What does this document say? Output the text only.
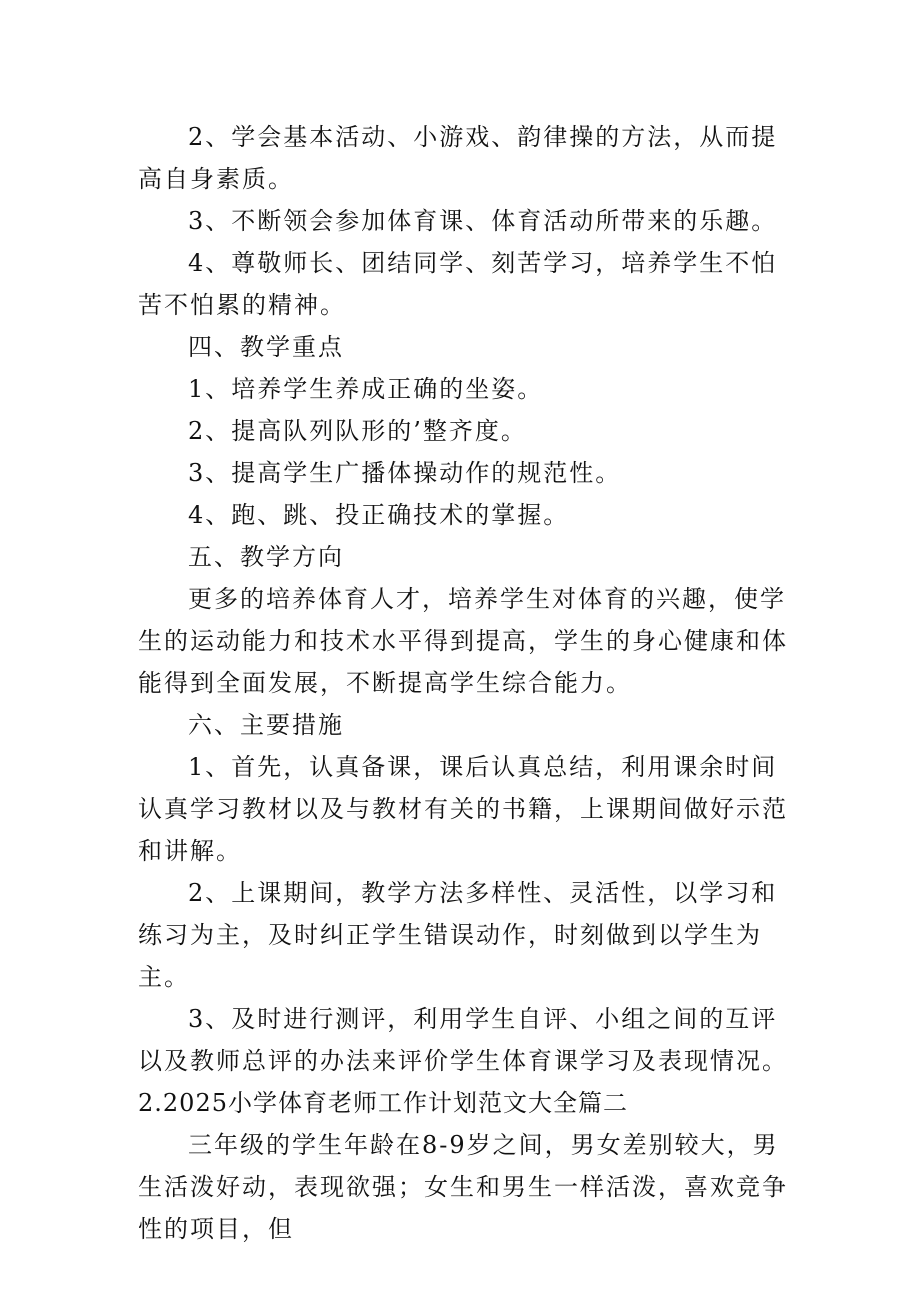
2、学会基本活动、小游戏、韵律操的方法，从而提高自身素质。

3、不断领会参加体育课、体育活动所带来的乐趣。

4、尊敬师长、团结同学、刻苦学习，培养学生不怕苦不怕累的精神。

四、教学重点

1、培养学生养成正确的坐姿。

2、提高队列队形的’整齐度。

3、提高学生广播体操动作的规范性。

4、跑、跳、投正确技术的掌握。

五、教学方向

更多的培养体育人才，培养学生对体育的兴趣，使学生的运动能力和技术水平得到提高，学生的身心健康和体能得到全面发展，不断提高学生综合能力。

六、主要措施

1、首先，认真备课，课后认真总结，利用课余时间认真学习教材以及与教材有关的书籍，上课期间做好示范和讲解。

2、上课期间，教学方法多样性、灵活性，以学习和练习为主，及时纠正学生错误动作，时刻做到以学生为主。

3、及时进行测评，利用学生自评、小组之间的互评以及教师总评的办法来评价学生体育课学习及表现情况。

2.2025小学体育老师工作计划范文大全篇二

三年级的学生年龄在8-9岁之间，男女差别较大，男生活泼好动，表现欲强；女生和男生一样活泼，喜欢竞争性的项目，但
